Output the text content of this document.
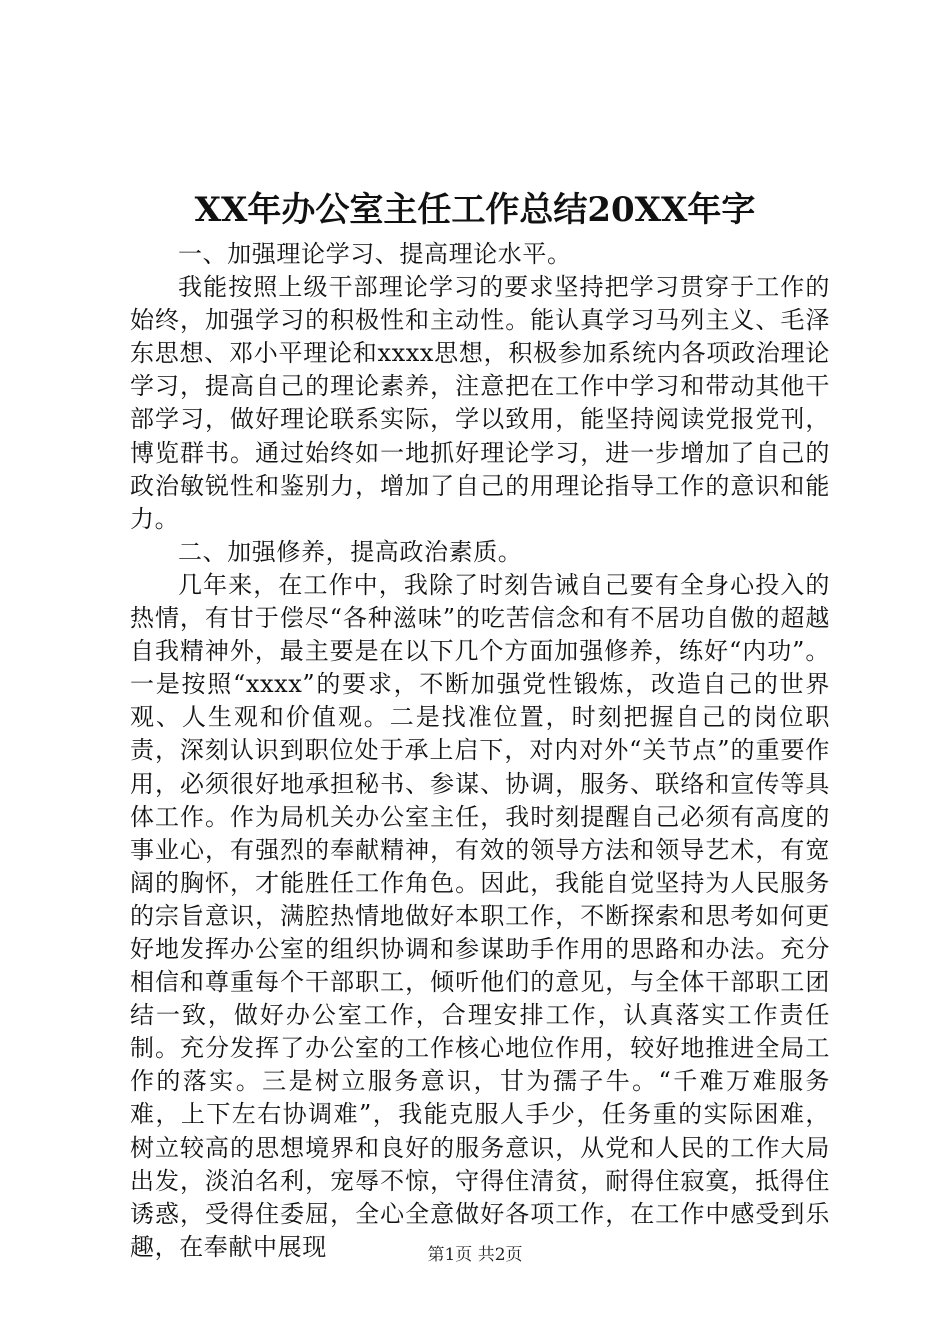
XX年办公室主任工作总结20XX年字

一、加强理论学习、提高理论水平。

我能按照上级干部理论学习的要求坚持把学习贯穿于工作的始终，加强学习的积极性和主动性。能认真学习马列主义、毛泽东思想、邓小平理论和xxxx思想，积极参加系统内各项政治理论学习，提高自己的理论素养，注意把在工作中学习和带动其他干部学习，做好理论联系实际，学以致用，能坚持阅读党报党刊，博览群书。通过始终如一地抓好理论学习，进一步增加了自己的政治敏锐性和鉴别力，增加了自己的用理论指导工作的意识和能力。

二、加强修养，提高政治素质。

几年来，在工作中，我除了时刻告诫自己要有全身心投入的热情，有甘于偿尽“各种滋味”的吃苦信念和有不居功自傲的超越自我精神外，最主要是在以下几个方面加强修养，练好“内功”。一是按照“xxxx”的要求，不断加强党性锻炼，改造自己的世界观、人生观和价值观。二是找准位置，时刻把握自己的岗位职责，深刻认识到职位处于承上启下，对内对外“关节点”的重要作用，必须很好地承担秘书、参谋、协调，服务、联络和宣传等具体工作。作为局机关办公室主任，我时刻提醒自己必须有高度的事业心，有强烈的奉献精神，有效的领导方法和领导艺术，有宽阔的胸怀，才能胜任工作角色。因此，我能自觉坚持为人民服务的宗旨意识，满腔热情地做好本职工作，不断探索和思考如何更好地发挥办公室的组织协调和参谋助手作用的思路和办法。充分相信和尊重每个干部职工，倾听他们的意见，与全体干部职工团结一致，做好办公室工作，合理安排工作，认真落实工作责任制。充分发挥了办公室的工作核心地位作用，较好地推进全局工作的落实。三是树立服务意识，甘为孺子牛。“千难万难服务难，上下左右协调难”，我能克服人手少，任务重的实际困难，树立较高的思想境界和良好的服务意识，从党和人民的工作大局出发，淡泊名利，宠辱不惊，守得住清贫，耐得住寂寞，抵得住诱惑，受得住委屈，全心全意做好各项工作，在工作中感受到乐趣，在奉献中展现	第1页 共2页
